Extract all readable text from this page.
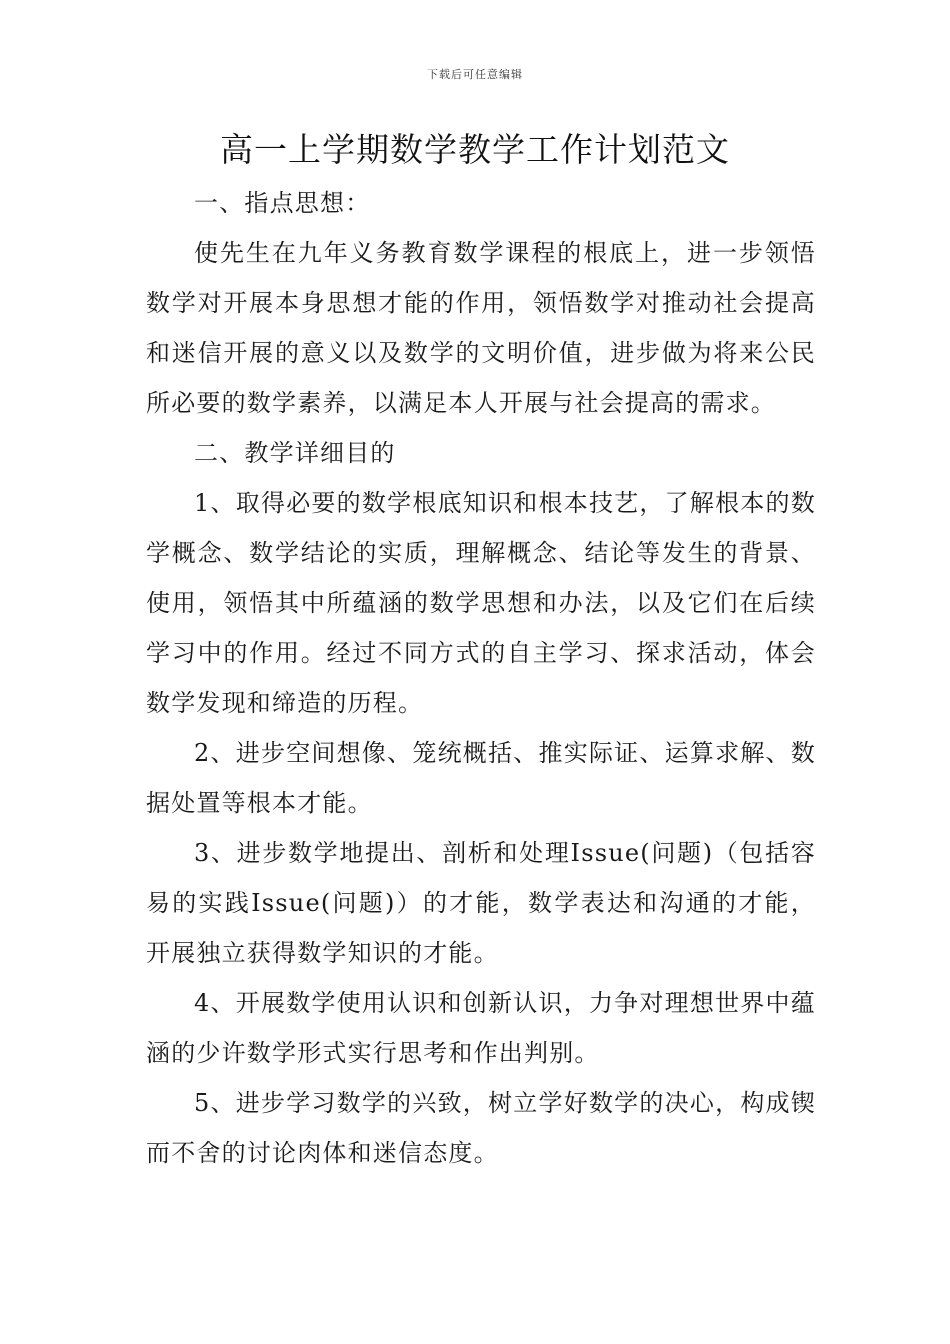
下载后可任意编辑
高一上学期数学教学工作计划范文

一、指点思想：

使先生在九年义务教育数学课程的根底上，进一步领悟数学对开展本身思想才能的作用，领悟数学对推动社会提高和迷信开展的意义以及数学的文明价值，进步做为将来公民所必要的数学素养，以满足本人开展与社会提高的需求。

二、教学详细目的

1、取得必要的数学根底知识和根本技艺，了解根本的数学概念、数学结论的实质，理解概念、结论等发生的背景、使用，领悟其中所蕴涵的数学思想和办法，以及它们在后续学习中的作用。经过不同方式的自主学习、探求活动，体会数学发现和缔造的历程。

2、进步空间想像、笼统概括、推实际证、运算求解、数据处置等根本才能。

3、进步数学地提出、剖析和处理Issue(问题)（包括容易的实践Issue(问题)）的才能，数学表达和沟通的才能，开展独立获得数学知识的才能。

4、开展数学使用认识和创新认识，力争对理想世界中蕴涵的少许数学形式实行思考和作出判别。

5、进步学习数学的兴致，树立学好数学的决心，构成锲而不舍的讨论肉体和迷信态度。
